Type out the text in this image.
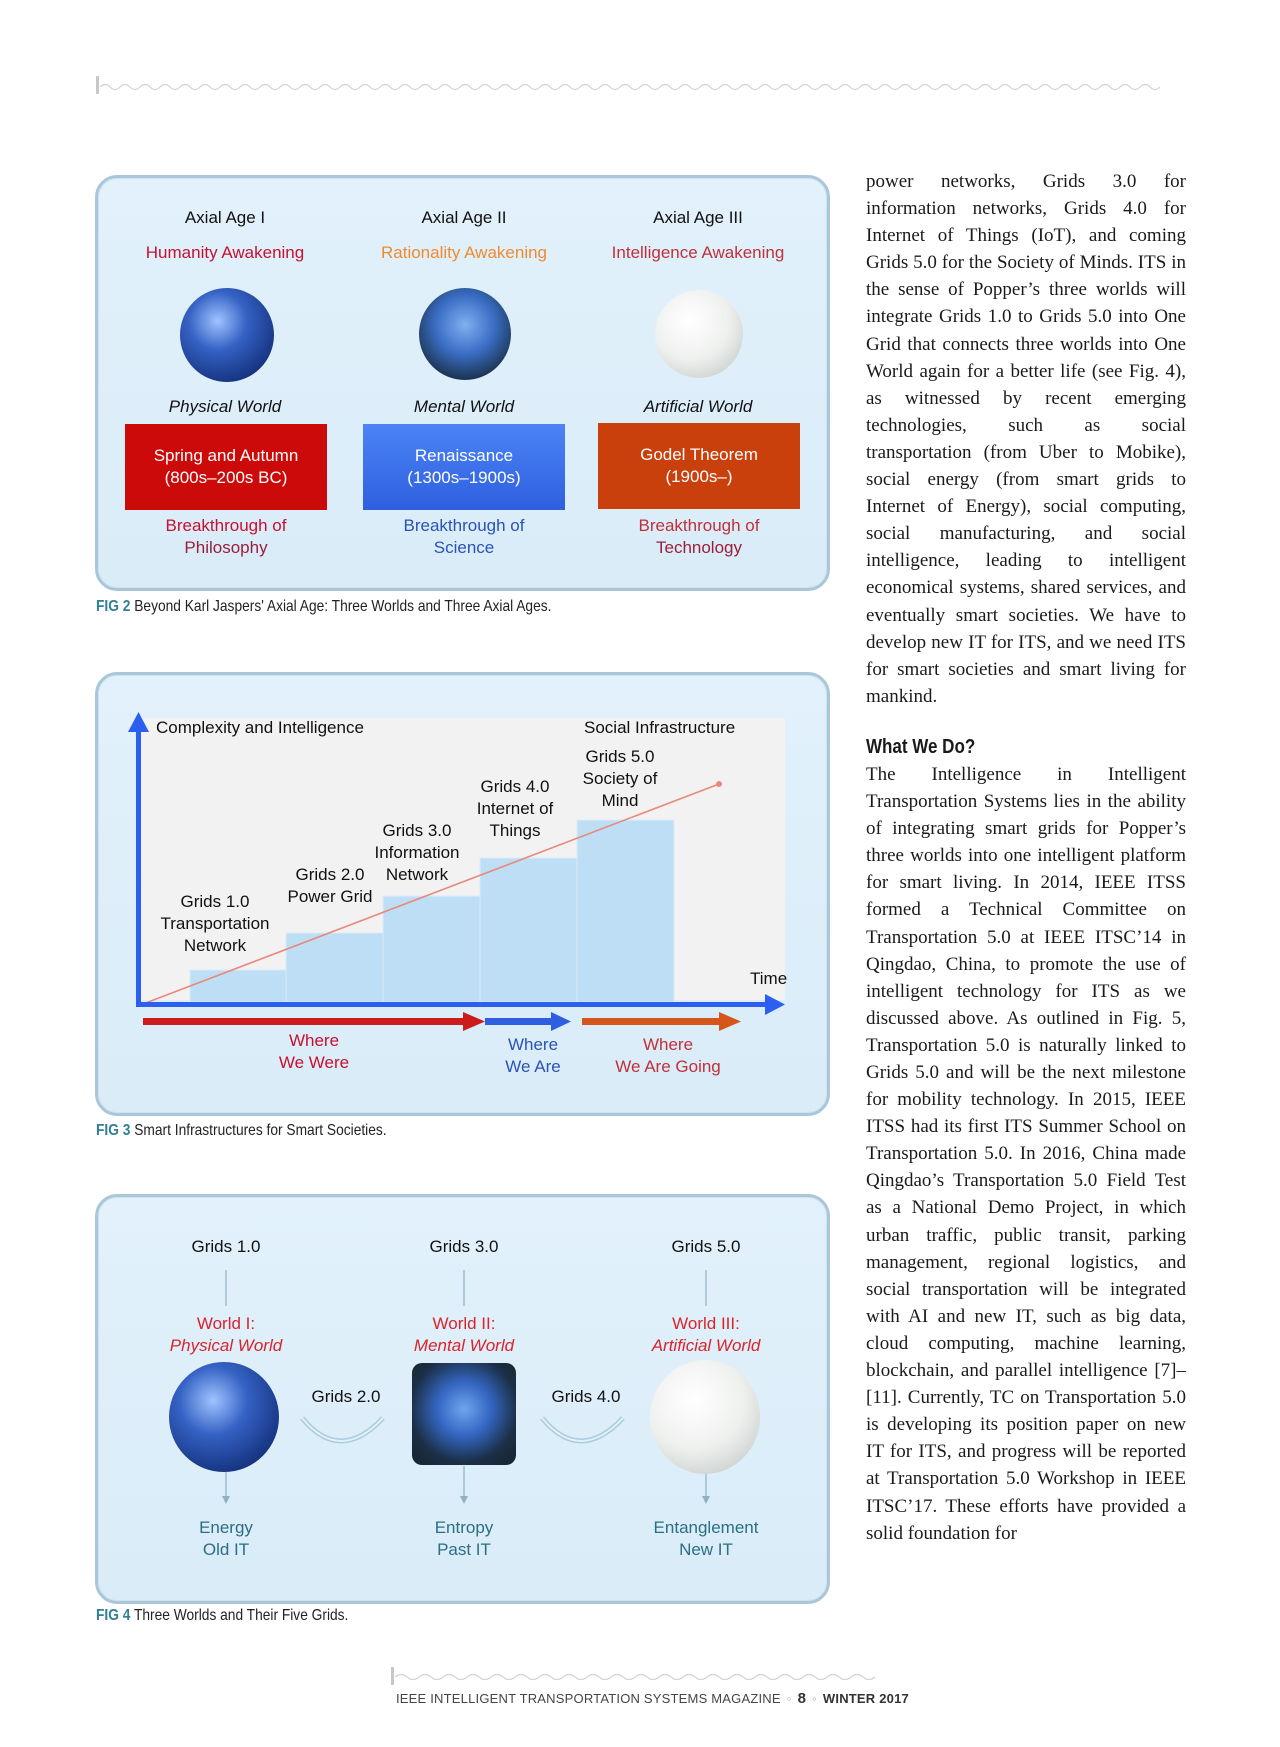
Axial Age I
Humanity Awakening
Physical World
Spring and Autumn
(800s–200s BC)
Breakthrough of
Philosophy
Axial Age II
Rationality Awakening
Mental World
Renaissance
(1300s–1900s)
Breakthrough of
Science
Axial Age III
Intelligence Awakening
Artificial World
Godel Theorem
(1900s–)
Breakthrough of
Technology
FIG 2 Beyond Karl Jaspers' Axial Age: Three Worlds and Three Axial Ages.
Complexity and Intelligence	Social Infrastructure
Time
Grids 1.0
Transportation
Network
Grids 2.0
Power Grid
Grids 3.0
Information
Network
Grids 4.0
Internet of
Things
Grids 5.0
Society of
Mind
Where
We Were
Where
We Are
Where
We Are Going
FIG 3 Smart Infrastructures for Smart Societies.
Grids 1.0	Grids 3.0	Grids 5.0
World I:
Physical World
World II:
Mental World
World III:
Artificial World
Grids 2.0	Grids 4.0
Energy
Old IT
Entropy
Past IT
Entanglement
New IT
FIG 4 Three Worlds and Their Five Grids.

power networks, Grids 3.0 for information networks, Grids 4.0 for Internet of Things (IoT), and coming Grids 5.0 for the Society of Minds. ITS in the sense of Popper’s three worlds will integrate Grids 1.0 to Grids 5.0 into One Grid that connects three worlds into One World again for a better life (see Fig. 4), as witnessed by recent emerging technologies, such as social transportation (from Uber to Mobike), social energy (from smart grids to Internet of Energy), social computing, social manufacturing, and social intelligence, leading to intelligent economical systems, shared services, and eventually smart societies. We have to develop new IT for ITS, and we need ITS for smart societies and smart living for mankind.

What We Do?

The Intelligence in Intelligent Transportation Systems lies in the ability of integrating smart grids for Popper’s three worlds into one intelligent platform for smart living. In 2014, IEEE ITSS formed a Technical Committee on Transportation 5.0 at IEEE ITSC’14 in Qingdao, China, to promote the use of intelligent technology for ITS as we discussed above. As outlined in Fig. 5, Transportation 5.0 is naturally linked to Grids 5.0 and will be the next milestone for mobility technology. In 2015, IEEE ITSS had its first ITS Summer School on Transportation 5.0. In 2016, China made Qingdao’s Transportation 5.0 Field Test as a National Demo Project, in which urban traffic, public transit, parking management, regional logistics, and social transportation will be integrated with AI and new IT, such as big data, cloud computing, machine learning, blockchain, and parallel intelligence [7]–[11]. Currently, TC on Transportation 5.0 is developing its position paper on new IT for ITS, and progress will be reported at Transportation 5.0 Workshop in IEEE ITSC’17. These efforts have provided a solid foundation for

IEEE INTELLIGENT TRANSPORTATION SYSTEMS MAGAZINE ◦ 8 ◦ WINTER 2017
